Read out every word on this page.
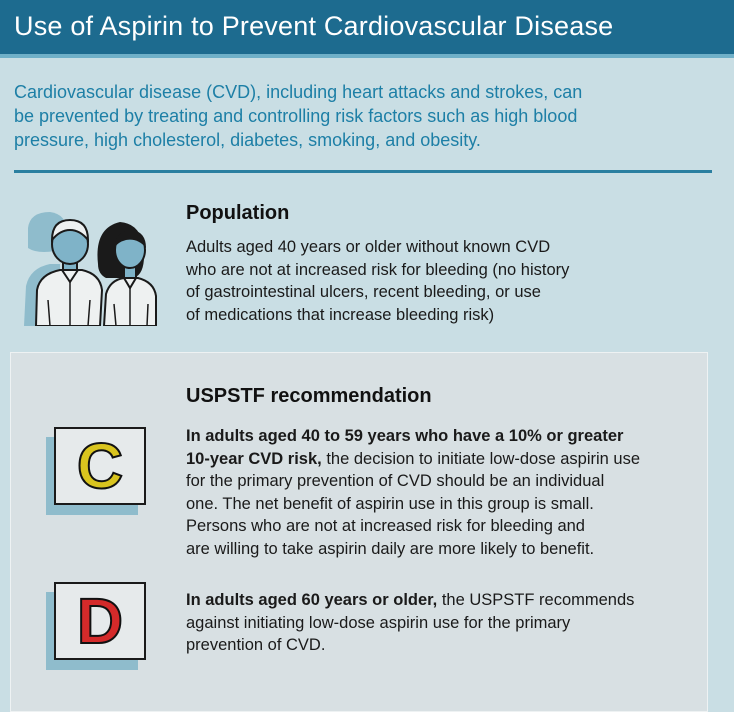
Use of Aspirin to Prevent Cardiovascular Disease
Cardiovascular disease (CVD), including heart attacks and strokes, can
be prevented by treating and controlling risk factors such as high blood
pressure, high cholesterol, diabetes, smoking, and obesity.
Population
Adults aged 40 years or older without known CVD
who are not at increased risk for bleeding (no history
of gastrointestinal ulcers, recent bleeding, or use
of medications that increase bleeding risk)
USPSTF recommendation
C	In adults aged 40 to 59 years who have a 10% or greater
10-year CVD risk, the decision to initiate low-dose aspirin use
for the primary prevention of CVD should be an individual
one. The net benefit of aspirin use in this group is small.
Persons who are not at increased risk for bleeding and
are willing to take aspirin daily are more likely to benefit.
D	In adults aged 60 years or older, the USPSTF recommends
against initiating low-dose aspirin use for the primary
prevention of CVD.
